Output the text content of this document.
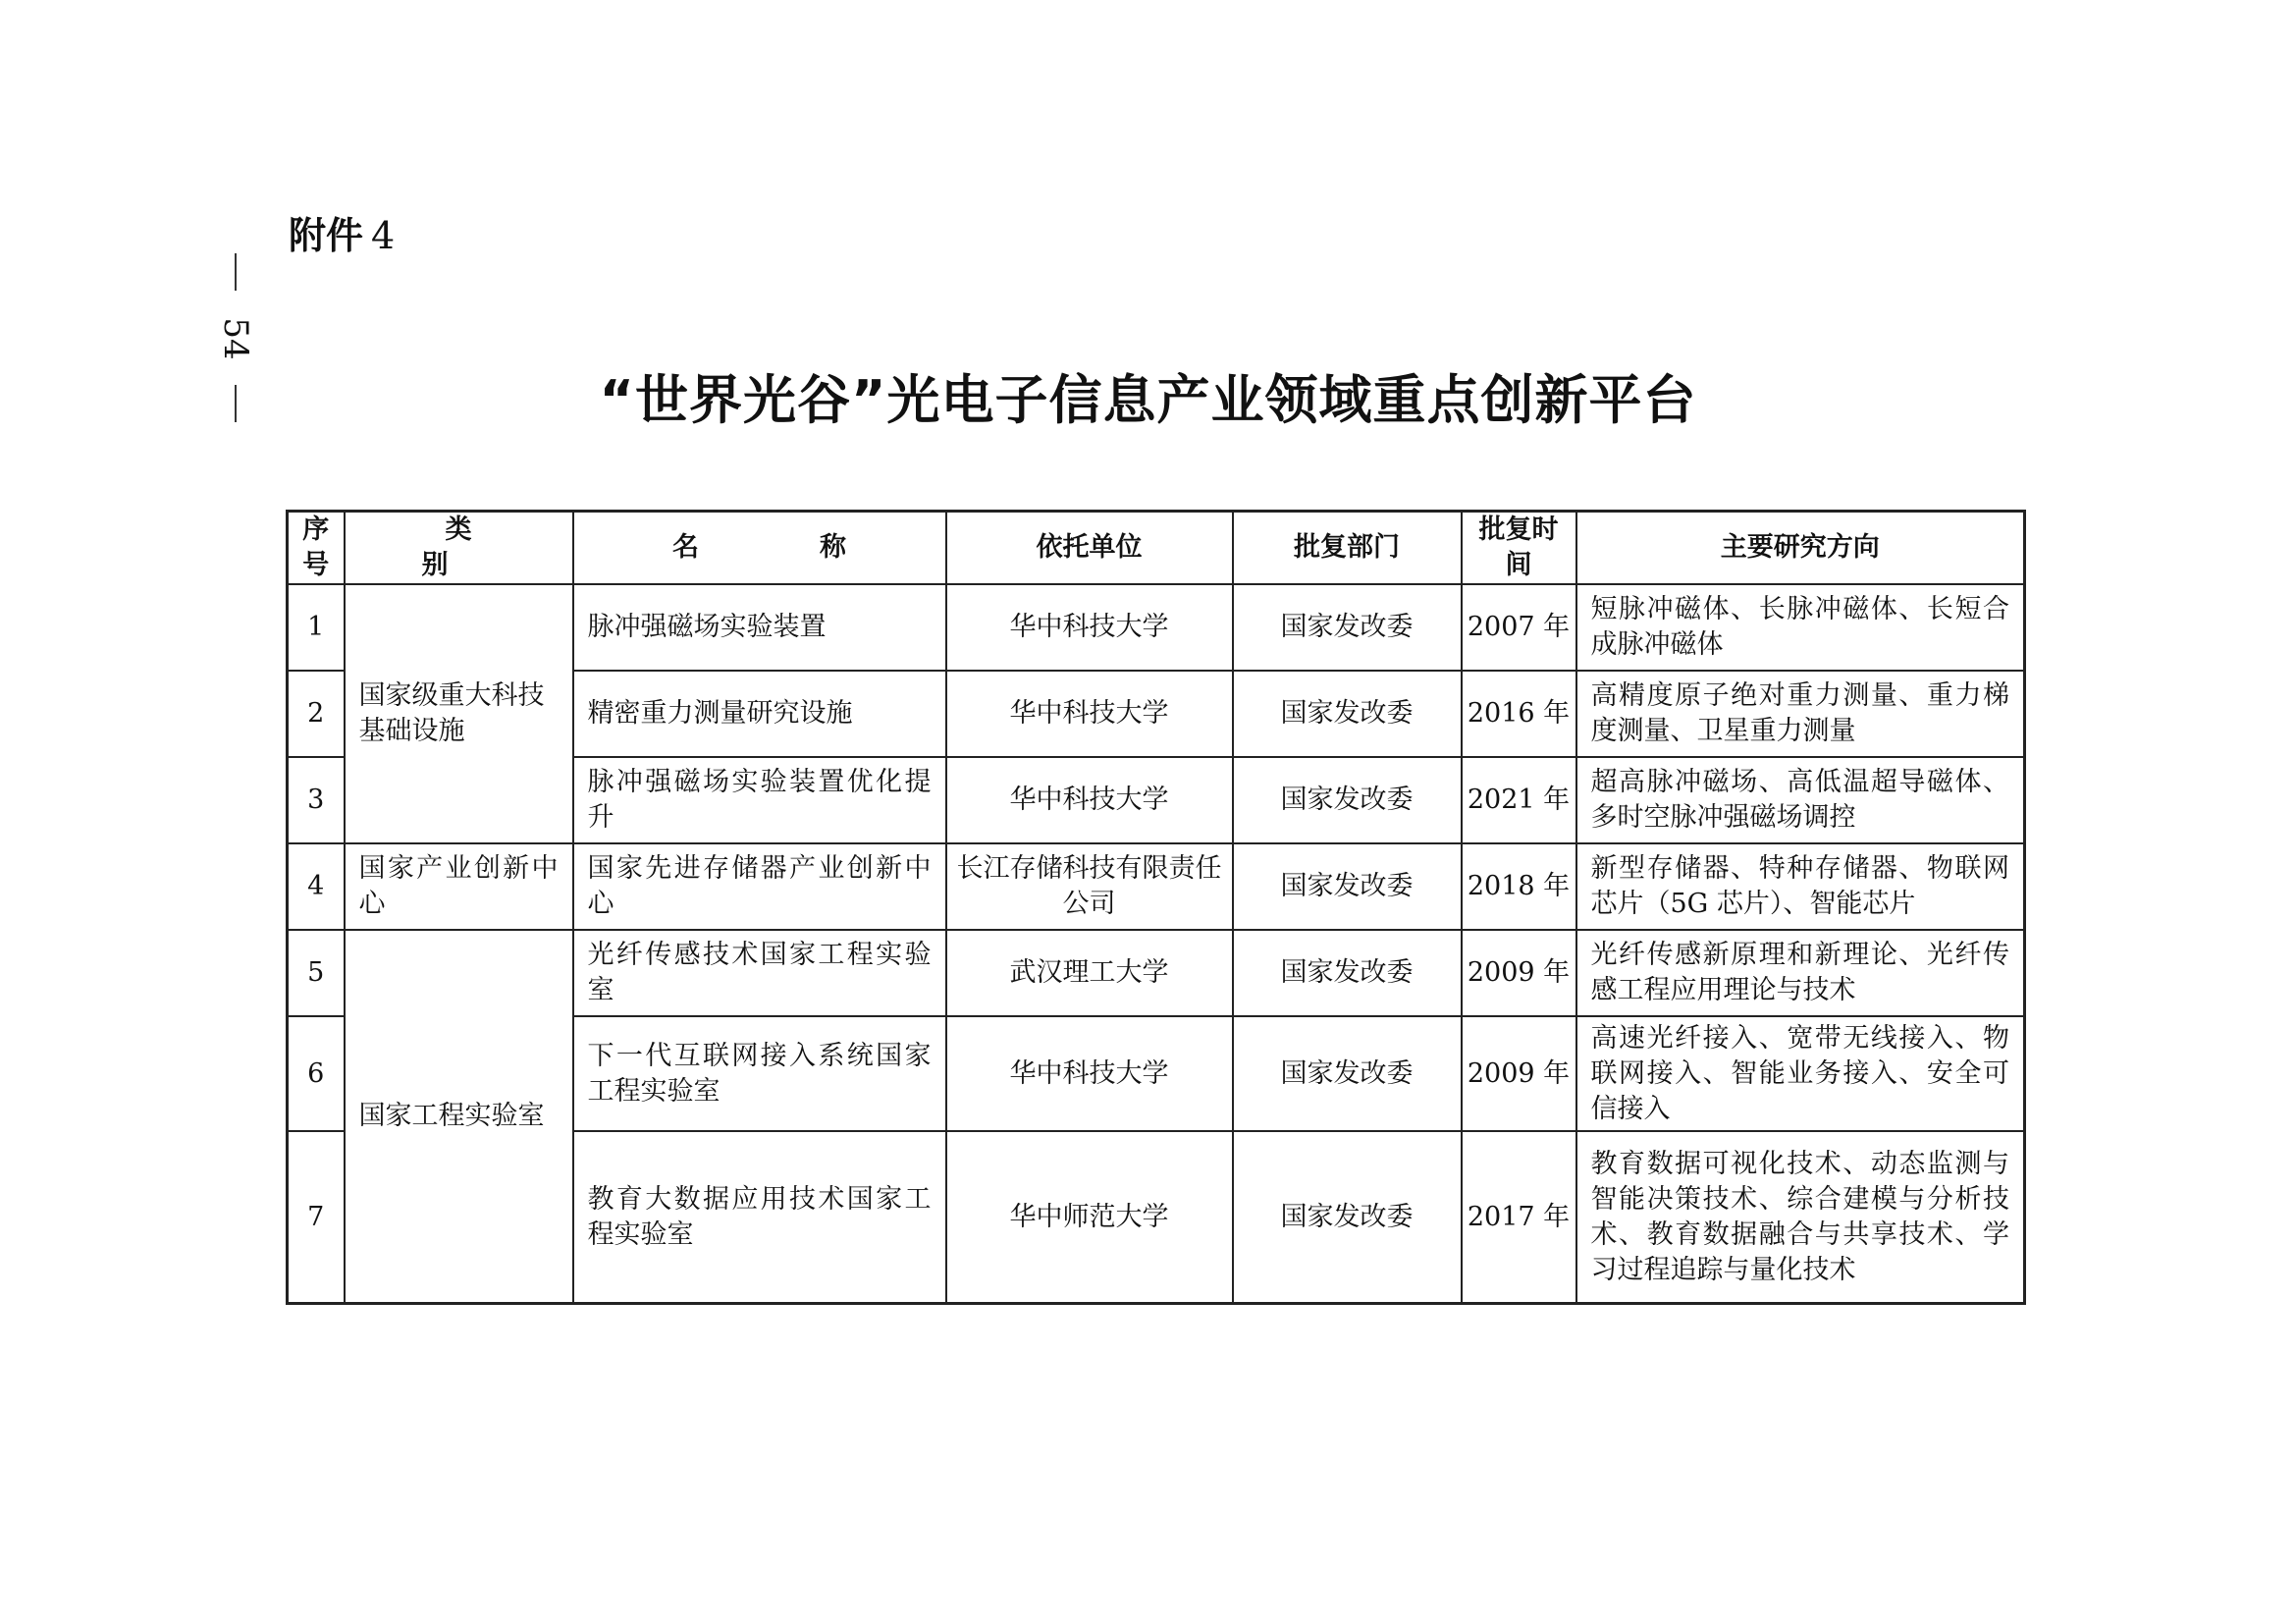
附件 4
54
“世界光谷”光电子信息产业领域重点创新平台
序号	类　别	名　称	依托单位	批复部门	批复时间	主要研究方向
1	国家级重大科技基础设施	脉冲强磁场实验装置	华中科技大学	国家发改委	2007 年	短脉冲磁体、长脉冲磁体、长短合成脉冲磁体
2		精密重力测量研究设施	华中科技大学	国家发改委	2016 年	高精度原子绝对重力测量、重力梯度测量、卫星重力测量
3		脉冲强磁场实验装置优化提升	华中科技大学	国家发改委	2021 年	超高脉冲磁场、高低温超导磁体、多时空脉冲强磁场调控
4	国家产业创新中心	国家先进存储器产业创新中心	长江存储科技有限责任公司	国家发改委	2018 年	新型存储器、特种存储器、物联网芯片（5G 芯片）、智能芯片
5	国家工程实验室	光纤传感技术国家工程实验室	武汉理工大学	国家发改委	2009 年	光纤传感新原理和新理论、光纤传感工程应用理论与技术
6		下一代互联网接入系统国家工程实验室	华中科技大学	国家发改委	2009 年	高速光纤接入、宽带无线接入、物联网接入、智能业务接入、安全可信接入
7		教育大数据应用技术国家工程实验室	华中师范大学	国家发改委	2017 年	教育数据可视化技术、动态监测与智能决策技术、综合建模与分析技术、教育数据融合与共享技术、学习过程追踪与量化技术
